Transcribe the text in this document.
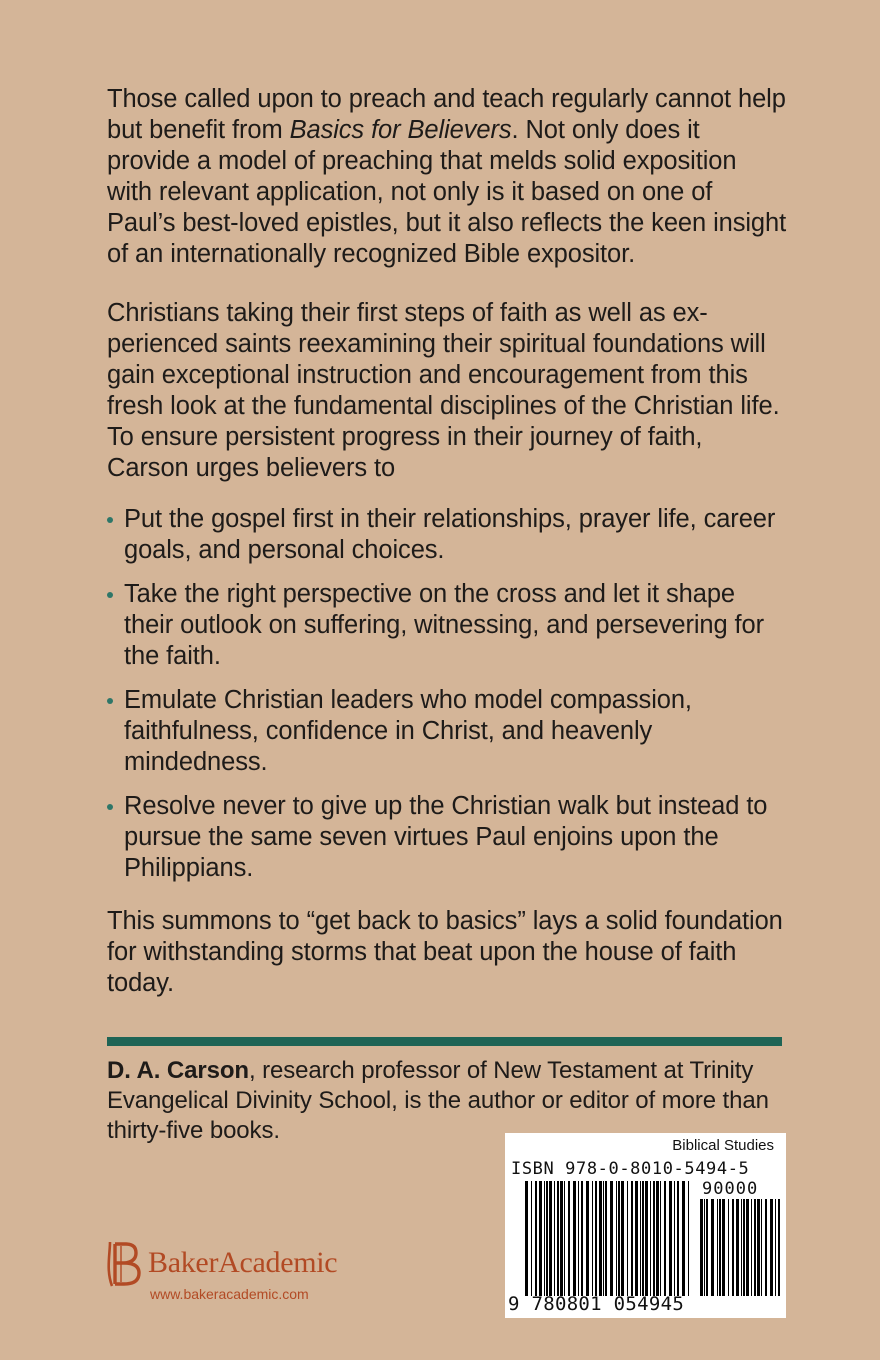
Those called upon to preach and teach regularly cannot help but benefit from Basics for Believers. Not only does it provide a model of preaching that melds solid exposition with relevant application, not only is it based on one of Paul’s best-loved epistles, but it also reflects the keen insight of an internationally recognized Bible expositor.

Christians taking their first steps of faith as well as experienced saints reexamining their spiritual foundations will gain exceptional instruction and encouragement from this fresh look at the fundamental disciplines of the Christian life. To ensure persistent progress in their journey of faith, Carson urges believers to

Put the gospel first in their relationships, prayer life, career goals, and personal choices.
Take the right perspective on the cross and let it shape their outlook on suffering, witnessing, and persevering for the faith.
Emulate Christian leaders who model compassion, faithfulness, confidence in Christ, and heavenly mindedness.
Resolve never to give up the Christian walk but instead to pursue the same seven virtues Paul enjoins upon the Philippians.

This summons to “get back to basics” lays a solid foundation for withstanding storms that beat upon the house of faith today.

D. A. Carson, research professor of New Testament at Trinity Evangelical Divinity School, is the author or editor of more than thirty-five books.

BakerAcademic
www.bakeracademic.com
Biblical Studies
ISBN 978-0-8010-5494-5
90000
9 780801 054945
